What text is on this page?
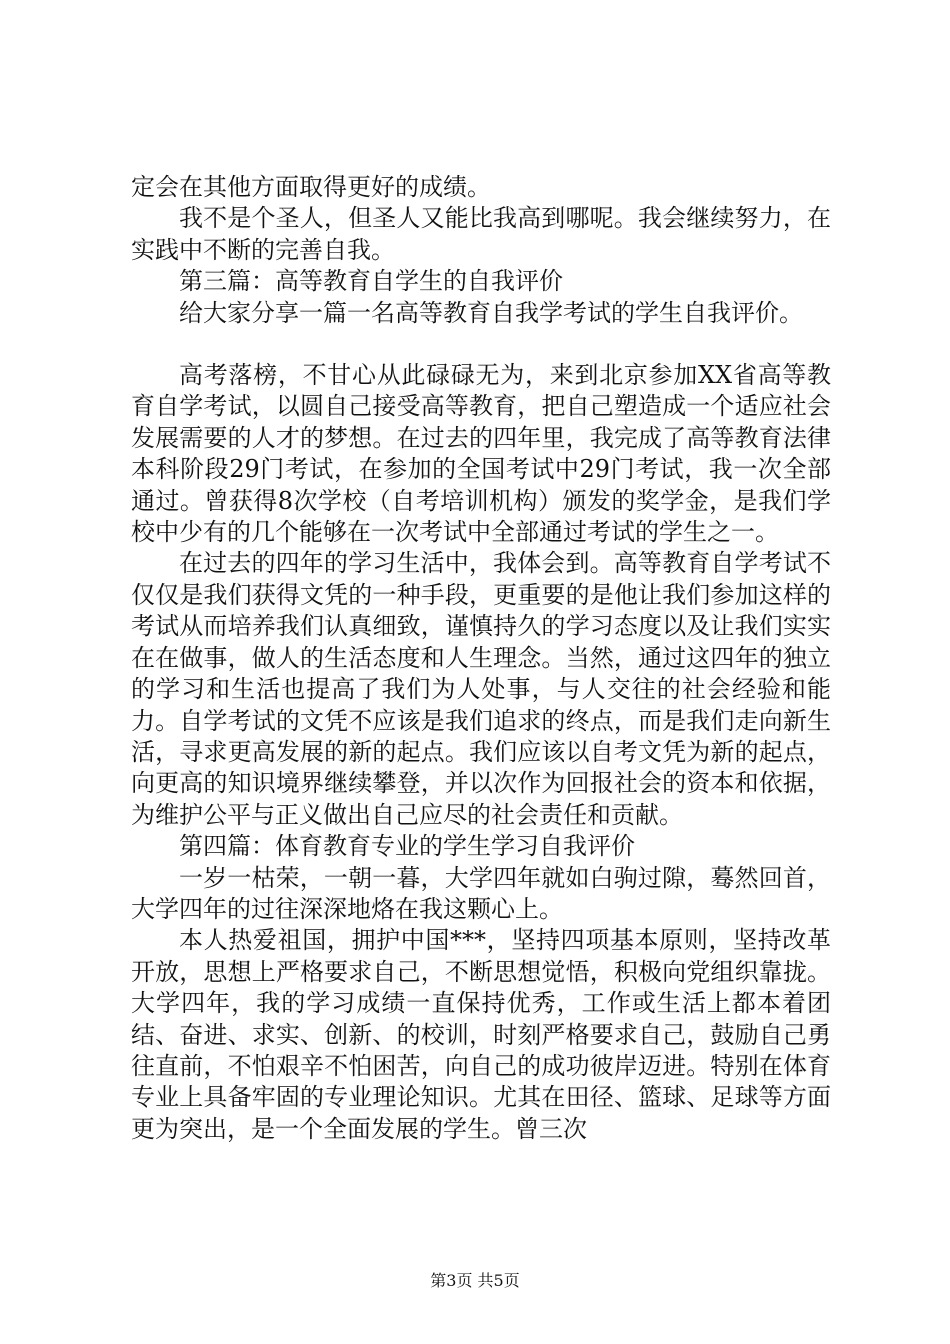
定会在其他方面取得更好的成绩。

我不是个圣人，但圣人又能比我高到哪呢。我会继续努力，在实践中不断的完善自我。

第三篇：高等教育自学生的自我评价

给大家分享一篇一名高等教育自我学考试的学生自我评价。

高考落榜，不甘心从此碌碌无为，来到北京参加XX省高等教育自学考试，以圆自己接受高等教育，把自己塑造成一个适应社会发展需要的人才的梦想。在过去的四年里，我完成了高等教育法律本科阶段29门考试，在参加的全国考试中29门考试，我一次全部通过。曾获得8次学校（自考培训机构）颁发的奖学金，是我们学校中少有的几个能够在一次考试中全部通过考试的学生之一。

在过去的四年的学习生活中，我体会到。高等教育自学考试不仅仅是我们获得文凭的一种手段，更重要的是他让我们参加这样的考试从而培养我们认真细致，谨慎持久的学习态度以及让我们实实在在做事，做人的生活态度和人生理念。当然，通过这四年的独立的学习和生活也提高了我们为人处事，与人交往的社会经验和能力。自学考试的文凭不应该是我们追求的终点，而是我们走向新生活，寻求更高发展的新的起点。我们应该以自考文凭为新的起点，向更高的知识境界继续攀登，并以次作为回报社会的资本和依据，为维护公平与正义做出自己应尽的社会责任和贡献。

第四篇：体育教育专业的学生学习自我评价

一岁一枯荣，一朝一暮，大学四年就如白驹过隙，蓦然回首，大学四年的过往深深地烙在我这颗心上。

本人热爱祖国，拥护中国***，坚持四项基本原则，坚持改革开放，思想上严格要求自己，不断思想觉悟，积极向党组织靠拢。大学四年，我的学习成绩一直保持优秀，工作或生活上都本着团结、奋进、求实、创新、的校训，时刻严格要求自己，鼓励自己勇往直前，不怕艰辛不怕困苦，向自己的成功彼岸迈进。特别在体育专业上具备牢固的专业理论知识。尤其在田径、篮球、足球等方面更为突出，是一个全面发展的学生。曾三次

第3页 共5页
